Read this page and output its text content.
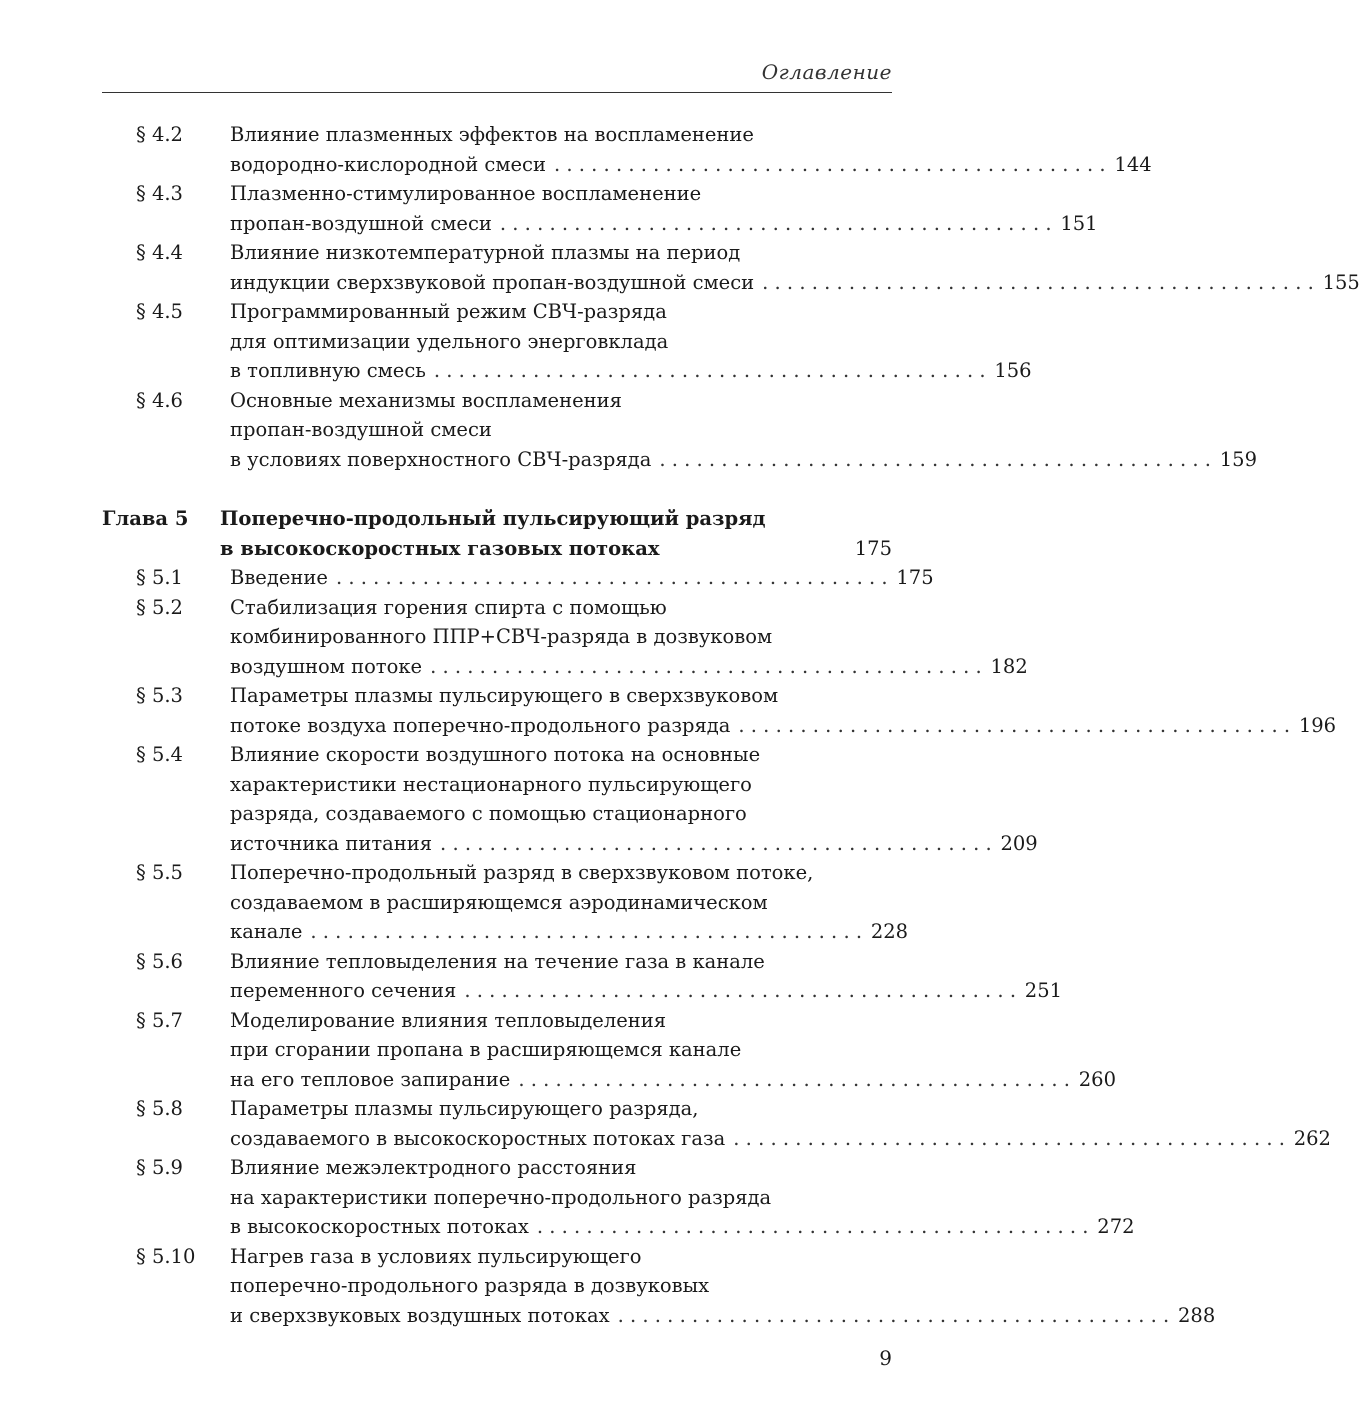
Оглавление
§ 4.2 Влияние плазменных эффектов на воспламенение
водородно-кислородной смеси . . . . . . . . . . . . . . . . . . . . . . . . . . . . . . . . . . . . . . . . . . . . . 144
§ 4.3 Плазменно-стимулированное воспламенение
пропан-воздушной смеси . . . . . . . . . . . . . . . . . . . . . . . . . . . . . . . . . . . . . . . . . . . . . 151
§ 4.4 Влияние низкотемпературной плазмы на период
индукции сверхзвуковой пропан-воздушной смеси . . . . . . . . . . . . . . . . . . . . . . . . . . . . . . . . . . . . . . . . . . . . . 155
§ 4.5 Программированный режим СВЧ-разряда
для оптимизации удельного энерговклада
в топливную смесь . . . . . . . . . . . . . . . . . . . . . . . . . . . . . . . . . . . . . . . . . . . . . 156
§ 4.6 Основные механизмы воспламенения
пропан-воздушной смеси
в условиях поверхностного СВЧ-разряда . . . . . . . . . . . . . . . . . . . . . . . . . . . . . . . . . . . . . . . . . . . . . 159
Глава 5 Поперечно-продольный пульсирующий разряд
в высокоскоростных газовых потоках	175
§ 5.1 Введение . . . . . . . . . . . . . . . . . . . . . . . . . . . . . . . . . . . . . . . . . . . . . 175
§ 5.2 Стабилизация горения спирта с помощью
комбинированного ППР+СВЧ-разряда в дозвуковом
воздушном потоке . . . . . . . . . . . . . . . . . . . . . . . . . . . . . . . . . . . . . . . . . . . . . 182
§ 5.3 Параметры плазмы пульсирующего в сверхзвуковом
потоке воздуха поперечно-продольного разряда . . . . . . . . . . . . . . . . . . . . . . . . . . . . . . . . . . . . . . . . . . . . . 196
§ 5.4 Влияние скорости воздушного потока на основные
характеристики нестационарного пульсирующего
разряда, создаваемого с помощью стационарного
источника питания . . . . . . . . . . . . . . . . . . . . . . . . . . . . . . . . . . . . . . . . . . . . . 209
§ 5.5 Поперечно-продольный разряд в сверхзвуковом потоке,
создаваемом в расширяющемся аэродинамическом
канале . . . . . . . . . . . . . . . . . . . . . . . . . . . . . . . . . . . . . . . . . . . . . 228
§ 5.6 Влияние тепловыделения на течение газа в канале
переменного сечения . . . . . . . . . . . . . . . . . . . . . . . . . . . . . . . . . . . . . . . . . . . . . 251
§ 5.7 Моделирование влияния тепловыделения
при сгорании пропана в расширяющемся канале
на его тепловое запирание . . . . . . . . . . . . . . . . . . . . . . . . . . . . . . . . . . . . . . . . . . . . . 260
§ 5.8 Параметры плазмы пульсирующего разряда,
создаваемого в высокоскоростных потоках газа . . . . . . . . . . . . . . . . . . . . . . . . . . . . . . . . . . . . . . . . . . . . . 262
§ 5.9 Влияние межэлектродного расстояния
на характеристики поперечно-продольного разряда
в высокоскоростных потоках . . . . . . . . . . . . . . . . . . . . . . . . . . . . . . . . . . . . . . . . . . . . . 272
§ 5.10 Нагрев газа в условиях пульсирующего
поперечно-продольного разряда в дозвуковых
и сверхзвуковых воздушных потоках . . . . . . . . . . . . . . . . . . . . . . . . . . . . . . . . . . . . . . . . . . . . . 288
9
